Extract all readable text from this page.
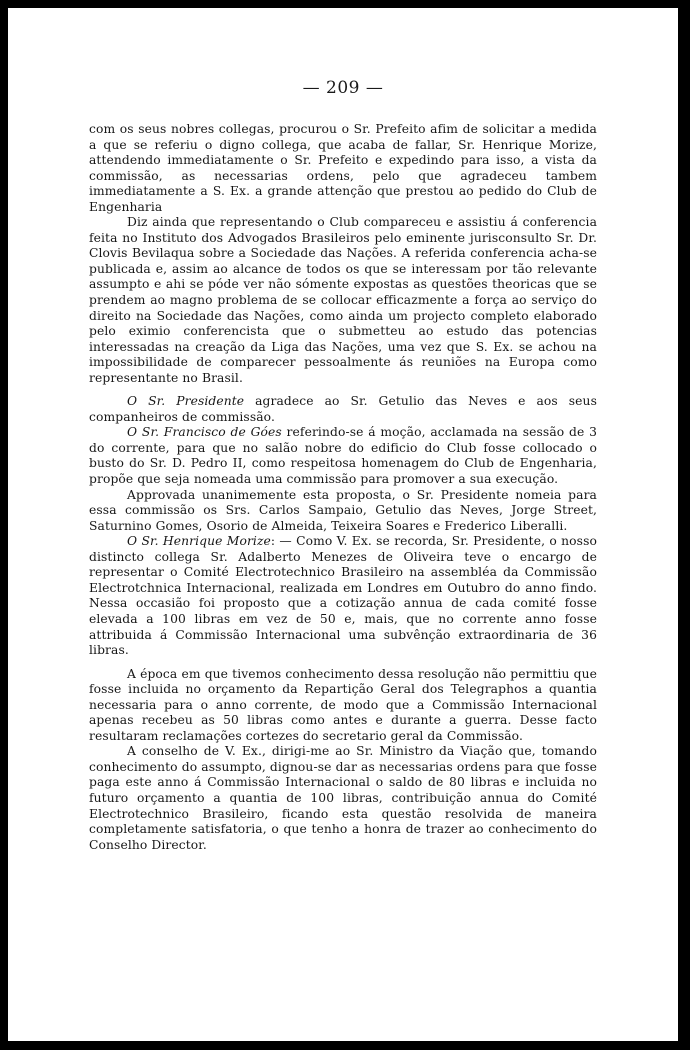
— 209 —

com os seus nobres collegas, procurou o Sr. Prefeito afim de solicitar a medida a que se referiu o digno collega, que acaba de fallar, Sr. Henrique Morize, attendendo immediatamente o Sr. Prefeito e expedindo para isso, a vista da commissão, as necessarias ordens, pelo que agradeceu tambem immediatamente a S. Ex. a grande attenção que prestou ao pedido do Club de Engenharia

Diz ainda que representando o Club compareceu e assistiu á conferencia feita no Instituto dos Advogados Brasileiros pelo eminente jurisconsulto Sr. Dr. Clovis Bevilaqua sobre a Sociedade das Nações. A referida conferencia acha-se publicada e, assim ao alcance de todos os que se interessam por tão relevante assumpto e ahi se póde ver não sómente expostas as questões theoricas que se prendem ao magno problema de se collocar efficazmente a força ao serviço do direito na Sociedade das Nações, como ainda um projecto completo elaborado pelo eximio conferencista que o submetteu ao estudo das potencias interessadas na creação da Liga das Nações, uma vez que S. Ex. se achou na impossibilidade de comparecer pessoalmente ás reuniões na Europa como representante no Brasil.

O Sr. Presidente agradece ao Sr. Getulio das Neves e aos seus companheiros de commissão.

O Sr. Francisco de Góes referindo-se á moção, acclamada na sessão de 3 do corrente, para que no salão nobre do edificio do Club fosse collocado o busto do Sr. D. Pedro II, como respeitosa homenagem do Club de Engenharia, propõe que seja nomeada uma commissão para promover a sua execução.

Approvada unanimemente esta proposta, o Sr. Presidente nomeia para essa commissão os Srs. Carlos Sampaio, Getulio das Neves, Jorge Street, Saturnino Gomes, Osorio de Almeida, Teixeira Soares e Frederico Liberalli.

O Sr. Henrique Morize: — Como V. Ex. se recorda, Sr. Presidente, o nosso distincto collega Sr. Adalberto Menezes de Oliveira teve o encargo de representar o Comité Electrotechnico Brasileiro na assembléa da Commissão Electrotchnica Internacional, realizada em Londres em Outubro do anno findo. Nessa occasião foi proposto que a cotização annua de cada comité fosse elevada a 100 libras em vez de 50 e, mais, que no corrente anno fosse attribuida á Commissão Internacional uma subvênção extraordinaria de 36 libras.

A época em que tivemos conhecimento dessa resolução não permittiu que fosse incluida no orçamento da Repartição Geral dos Telegraphos a quantia necessaria para o anno corrente, de modo que a Commissão Internacional apenas recebeu as 50 libras como antes e durante a guerra. Desse facto resultaram reclamações cortezes do secretario geral da Commissão.

A conselho de V. Ex., dirigi-me ao Sr. Ministro da Viação que, tomando conhecimento do assumpto, dignou-se dar as necessarias ordens para que fosse paga este anno á Commissão Internacional o saldo de 80 libras e incluida no futuro orçamento a quantia de 100 libras, contribuição annua do Comité Electrotechnico Brasileiro, ficando esta questão resolvida de maneira completamente satisfatoria, o que tenho a honra de trazer ao conhecimento do Conselho Director.
